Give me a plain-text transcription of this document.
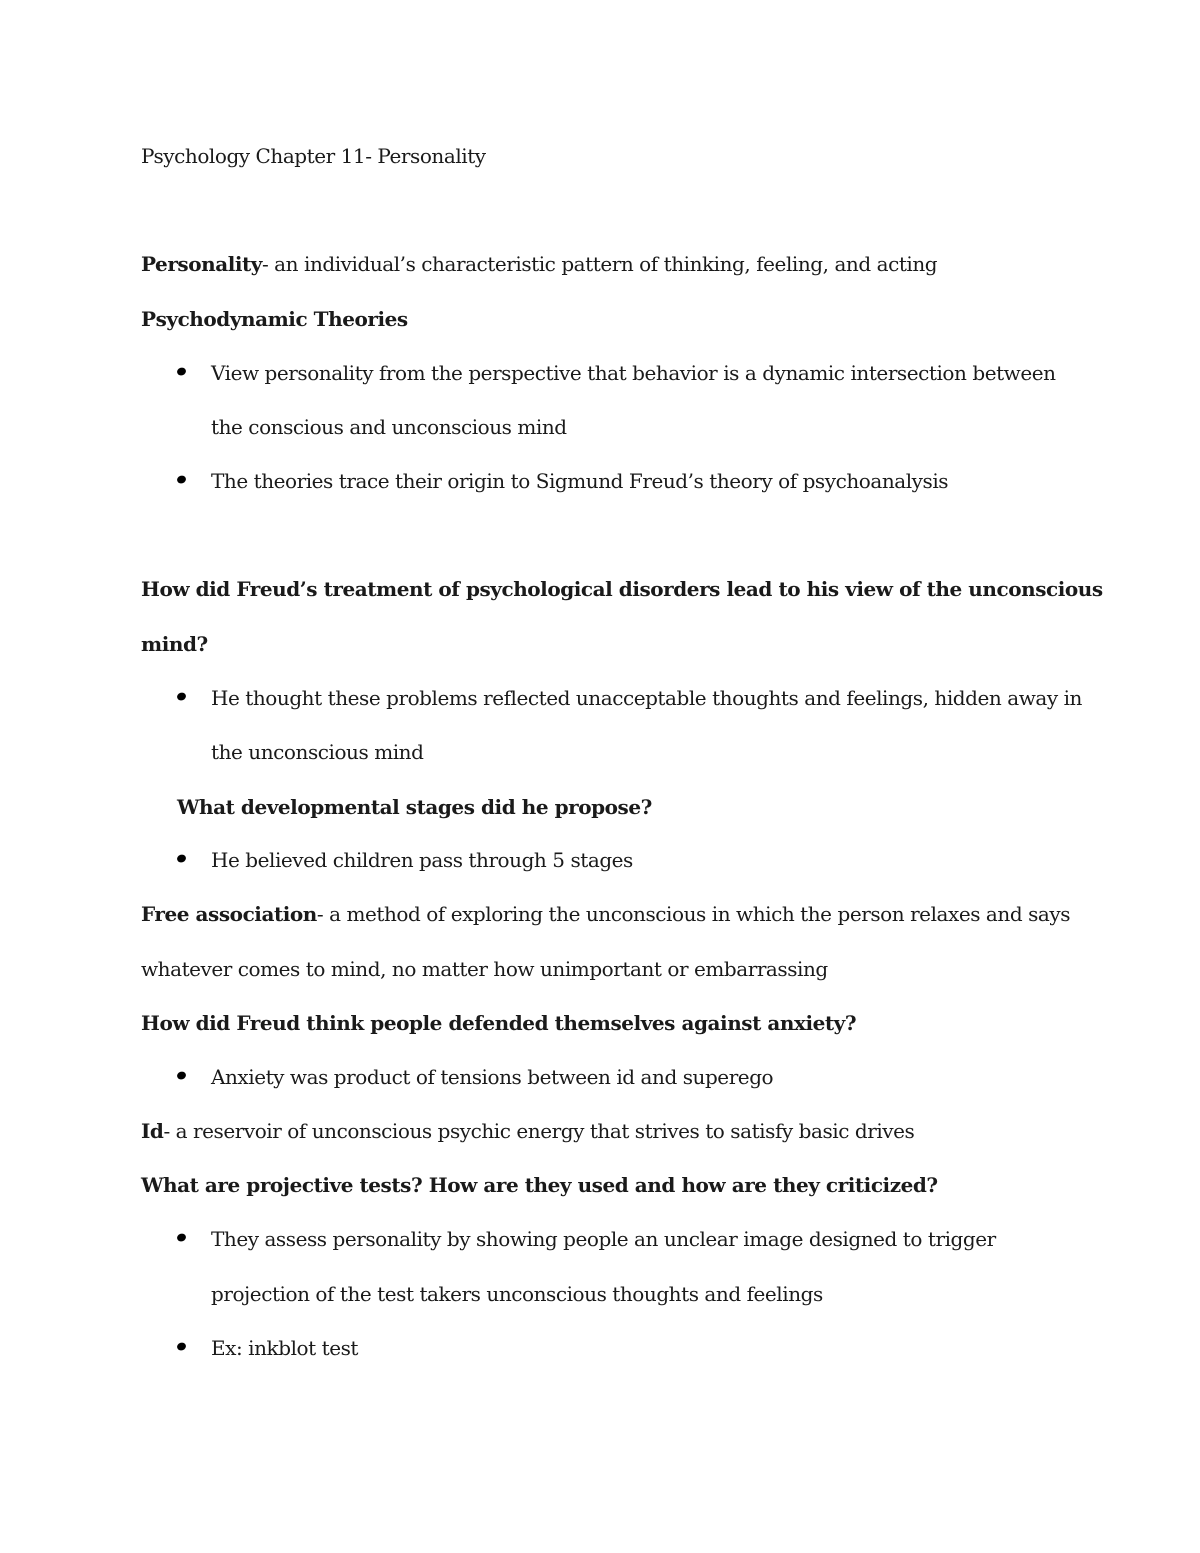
Psychology Chapter 11- Personality
Personality- an individual’s characteristic pattern of thinking, feeling, and acting
Psychodynamic Theories
View personality from the perspective that behavior is a dynamic intersection between
the conscious and unconscious mind
The theories trace their origin to Sigmund Freud’s theory of psychoanalysis
How did Freud’s treatment of psychological disorders lead to his view of the unconscious
mind?
He thought these problems reflected unacceptable thoughts and feelings, hidden away in
the unconscious mind
What developmental stages did he propose?
He believed children pass through 5 stages
Free association- a method of exploring the unconscious in which the person relaxes and says
whatever comes to mind, no matter how unimportant or embarrassing
How did Freud think people defended themselves against anxiety?
Anxiety was product of tensions between id and superego
Id- a reservoir of unconscious psychic energy that strives to satisfy basic drives
What are projective tests? How are they used and how are they criticized?
They assess personality by showing people an unclear image designed to trigger
projection of the test takers unconscious thoughts and feelings
Ex: inkblot test
